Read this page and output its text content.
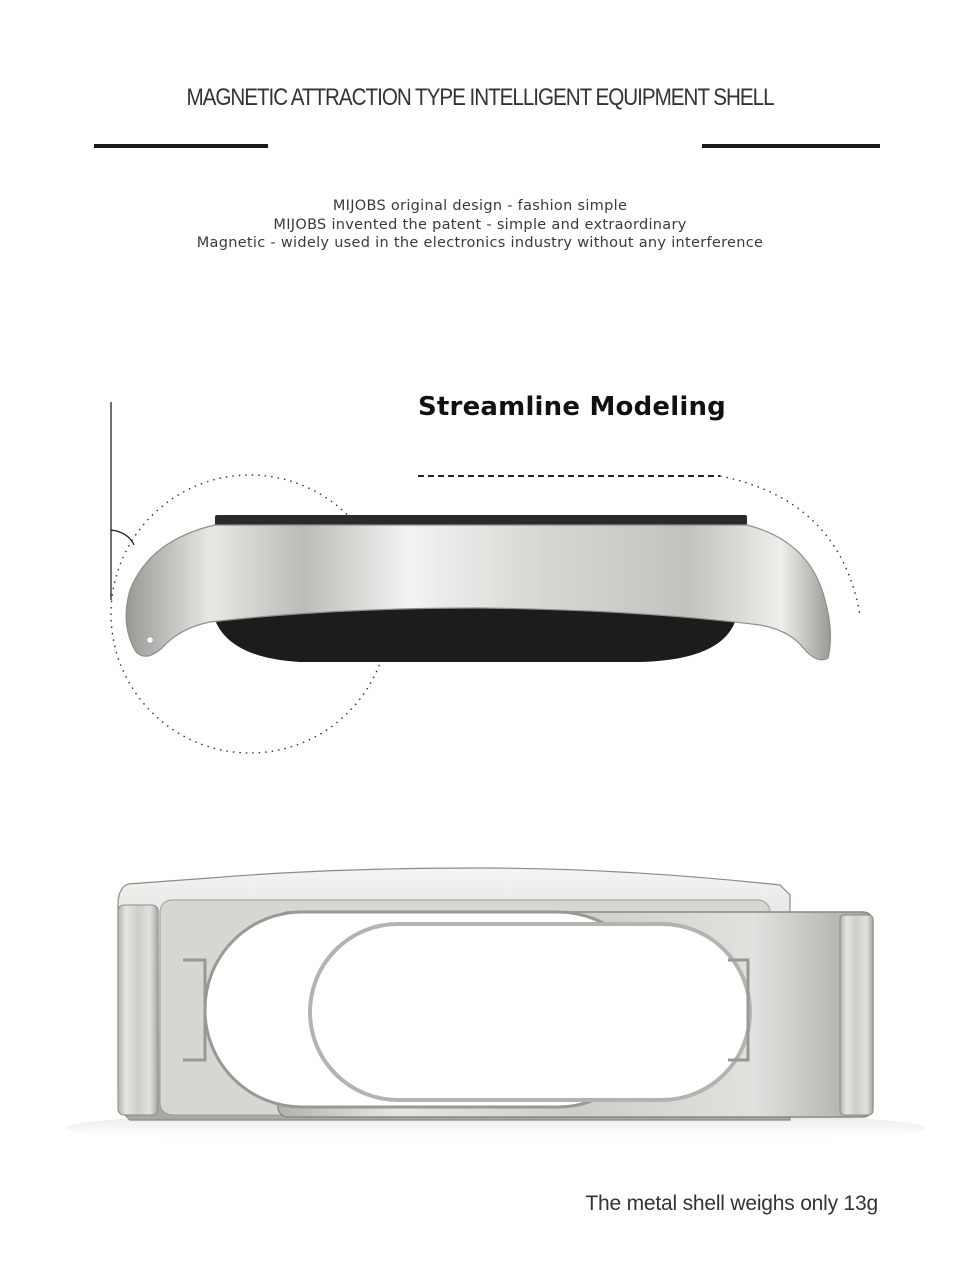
MAGNETIC ATTRACTION TYPE INTELLIGENT EQUIPMENT SHELL
MIJOBS original design - fashion simple
MIJOBS invented the patent - simple and extraordinary
Magnetic - widely used in the electronics industry without any interference
Streamline Modeling
The metal shell weighs only 13g
